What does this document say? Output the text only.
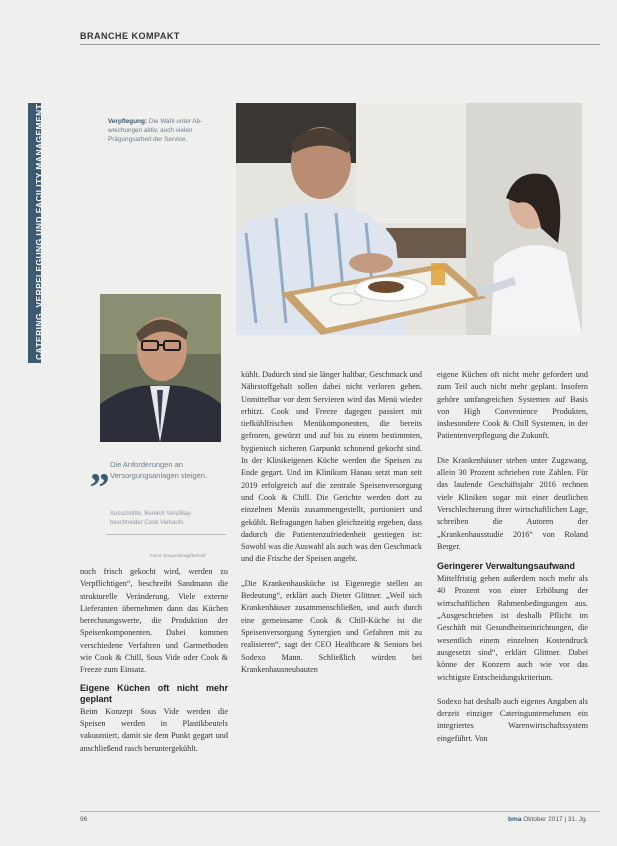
BRANCHE KOMPAKT
CATERING, VERPFLEGUNG UND FACILITY MANAGEMENT	Verpflegung: Die Wahl unter Ab-weichungen aktiv, auch vielen Prägungsarbeit der Service.
„ Die Anforderungen an Versorgungsanlagen steigen.
Ausschnitte, Bereich Vers/Bay- beschneider Cook Verkaufs
Fotos: baugedefragt/Behold

noch frisch gekocht wird, werden zu Verpflichtigen“, beschreibt Sandmann die strukturelle Veränderung. Viele externe Lieferanten übernehmen dann das Küchen berechnungswerte, die Produktion der Speisenkomponenten. Dabei kommen verschiedene Verfahren und Garmethoden wie Cook & Chill, Sous Vide oder Cook & Freeze zum Einsatz.

Eigene Küchen oft nicht mehr geplant

Beim Konzept Sous Vide werden die Speisen werden in Plastikbeutels vakuumiert, damit sie dem Punkt gegart und anschließend rasch heruntergekühlt.

kühlt. Dadurch sind sie länger haltbar, Geschmack und Nährstoffgehalt sollen dabei nicht verloren gehen. Unmittelbar vor dem Servieren wird das Menü wieder erhitzt. Cook und Freeze dagegen passiert mit tiefkühlfrischen Menükomponenten, die bereits gefroren, gewürzt und auf bis zu einem bestimmten, hygienisch sicheren Garpunkt schonend gekocht sind. In der Klinikeigenen Küche werden die Speisen zu Ende gegart. Und im Klinikum Hanau setzt man seit 2019 erfolgreich auf die zentrale Speisenversorgung und Cook & Chill. Die Gerichte werden dort zu einzelnen Menüs zusammengestellt, portioniert und gekühlt. Befragungen haben gleichzeitig ergeben, dass dadurch die Patientenzufriedenheit gestiegen ist: Sowohl was die Auswahl als auch was den Geschmack und die Frische der Speisen angeht.

„Die Krankenhausküche ist Eigenregie stellen an Bedeutung“, erklärt auch Dieter Glittner. „Weil sich Krankenhäuser zusammenschließen, und auch durch eine gemeinsame Cook & Chill-Küche ist die Speisenversorgung Synergien und Gefahren mit zu realisieren“, sagt der CEO Healthcare & Seniors bei Sodexo Mann. Schließlich würden bei Krankenhausneubauten

eigene Küchen oft nicht mehr gefordert und zum Teil auch nicht mehr geplant. Insofern gehöre umfangreichen Systemen auf Basis von High Convenience Produkten, insbesondere Cook & Chill Systemen, in der Patientenverpflegung die Zukunft.

Die Krankenhäuser stehen unter Zugzwang, allein 30 Prozent schrieben rote Zahlen. Für das laufende Geschäftsjahr 2016 rechnen viele Kliniken sogar mit einer deutlichen Verschlechterung ihrer wirtschaftlichen Lage, schreiben die Autoren der „Krankenhausstudie 2016“ von Roland Berger.

Geringerer Verwaltungsaufwand

Mittelfristig gehen außerdem noch mehr als 40 Prozent von einer Erhöhung der wirtschaftlichen Rahmenbedingungen aus. „Ausgeschrieben ist deshalb Pflicht im Geschäft mit Gesundheitseinrichtungen, die wesentlich einem einzelnen Kostendruck ausgesetzt sind“, erklärt Glittner. Dabei könne der Konzern auch wie vor das wichtigste Entscheidungskriterium.

Sodexo hat deshalb auch eigenes Angaben als derzeit einziger Cateringunternehmen ein integriertes Warenwirtschaftssystem eingeführt. Von

96	bma Oktober 2017 | 31. Jg.
